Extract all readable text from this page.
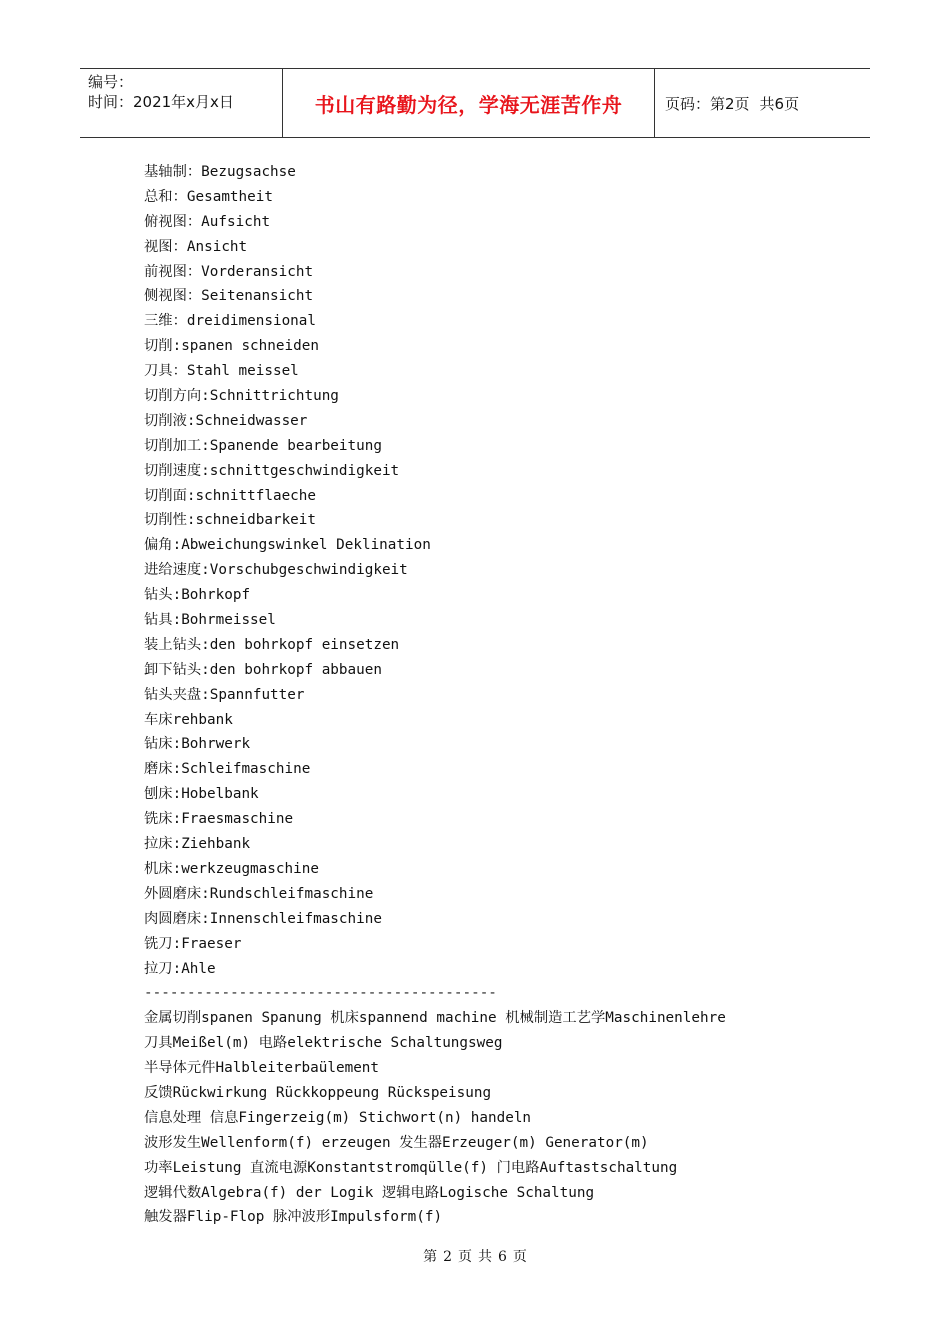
编号：
时间：2021年x月x日	书山有路勤为径，学海无涯苦作舟	页码：第2页 共6页
基轴制：Bezugsachse
总和：Gesamtheit
俯视图：Aufsicht
视图：Ansicht
前视图：Vorderansicht
侧视图：Seitenansicht
三维：dreidimensional
切削:spanen schneiden
刀具：Stahl meissel
切削方向:Schnittrichtung
切削液:Schneidwasser
切削加工:Spanende bearbeitung
切削速度:schnittgeschwindigkeit
切削面:schnittflaeche
切削性:schneidbarkeit
偏角:Abweichungswinkel Deklination
进给速度:Vorschubgeschwindigkeit
钻头:Bohrkopf
钻具:Bohrmeissel
装上钻头:den bohrkopf einsetzen
卸下钻头:den bohrkopf abbauen
钻头夹盘:Spannfutter
车床rehbank
钻床:Bohrwerk
磨床:Schleifmaschine
刨床:Hobelbank
铣床:Fraesmaschine
拉床:Ziehbank
机床:werkzeugmaschine
外圆磨床:Rundschleifmaschine
肉圆磨床:Innenschleifmaschine
铣刀:Fraeser
拉刀:Ahle
-----------------------------------------
金属切削spanen Spanung 机床spannend machine 机械制造工艺学Maschinenlehre
刀具Meißel(m) 电路elektrische Schaltungsweg
半导体元件Halbleiterbaülement
反馈Rückwirkung Rückkoppeung Rückspeisung
信息处理 信息Fingerzeig(m) Stichwort(n) handeln
波形发生Wellenform(f) erzeugen 发生器Erzeuger(m) Generator(m)
功率Leistung 直流电源Konstantstromqülle(f) 门电路Auftastschaltung
逻辑代数Algebra(f) der Logik 逻辑电路Logische Schaltung
触发器Flip-Flop 脉冲波形Impulsform(f)
第 2 页 共 6 页
